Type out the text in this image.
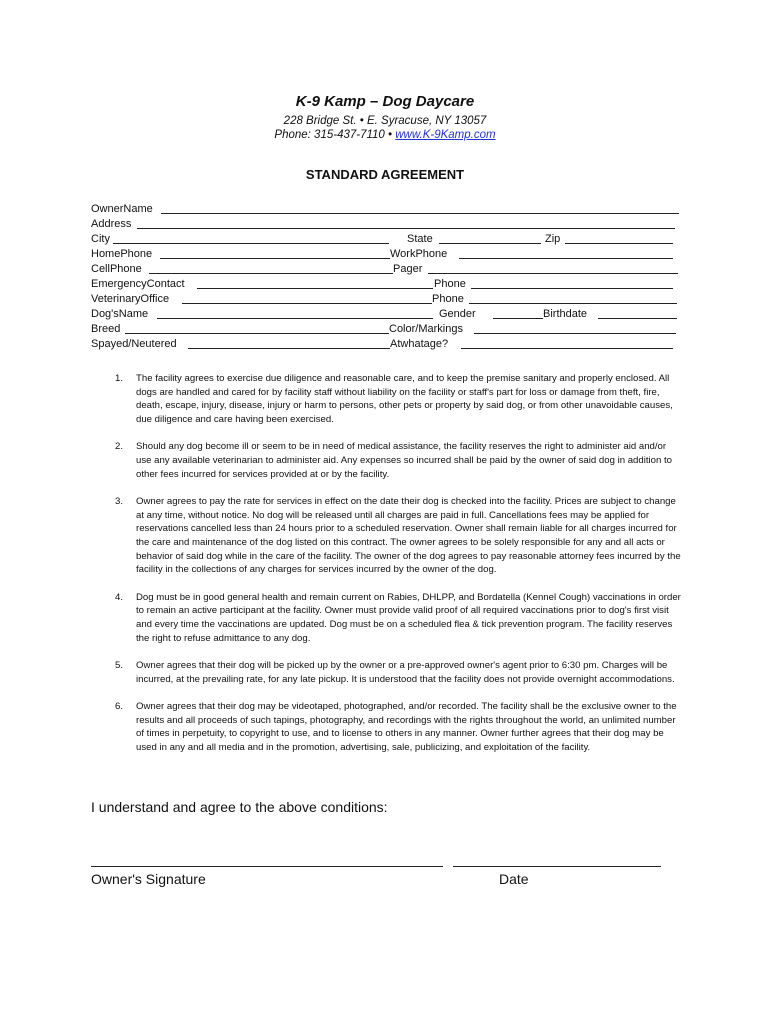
K-9 Kamp – Dog Daycare
228 Bridge St. • E. Syracuse, NY 13057
Phone: 315-437-7110 • www.K-9Kamp.com
STANDARD AGREEMENT
OwnerName
Address
City	State	Zip
HomePhone	WorkPhone
CellPhone	Pager
EmergencyContact	Phone
VeterinaryOffice	Phone
Dog'sName	Gender	Birthdate
Breed	Color/Markings
Spayed/Neutered	Atwhatage?
1. The facility agrees to exercise due diligence and reasonable care, and to keep the premise sanitary and properly enclosed. All dogs are handled and cared for by facility staff without liability on the facility or staff's part for loss or damage from theft, fire, death, escape, injury, disease, injury or harm to persons, other pets or property by said dog, or from other unavoidable causes, due diligence and care having been exercised.
2. Should any dog become ill or seem to be in need of medical assistance, the facility reserves the right to administer aid and/or use any available veterinarian to administer aid. Any expenses so incurred shall be paid by the owner of said dog in addition to other fees incurred for services provided at or by the facility.
3. Owner agrees to pay the rate for services in effect on the date their dog is checked into the facility. Prices are subject to change at any time, without notice. No dog will be released until all charges are paid in full. Cancellations fees may be applied for reservations cancelled less than 24 hours prior to a scheduled reservation. Owner shall remain liable for all charges incurred for the care and maintenance of the dog listed on this contract. The owner agrees to be solely responsible for any and all acts or behavior of said dog while in the care of the facility. The owner of the dog agrees to pay reasonable attorney fees incurred by the facility in the collections of any charges for services incurred by the owner of the dog.
4. Dog must be in good general health and remain current on Rabies, DHLPP, and Bordatella (Kennel Cough) vaccinations in order to remain an active participant at the facility. Owner must provide valid proof of all required vaccinations prior to dog's first visit and every time the vaccinations are updated. Dog must be on a scheduled flea & tick prevention program. The facility reserves the right to refuse admittance to any dog.
5. Owner agrees that their dog will be picked up by the owner or a pre-approved owner's agent prior to 6:30 pm. Charges will be incurred, at the prevailing rate, for any late pickup. It is understood that the facility does not provide overnight accommodations.
6. Owner agrees that their dog may be videotaped, photographed, and/or recorded. The facility shall be the exclusive owner to the results and all proceeds of such tapings, photography, and recordings with the rights throughout the world, an unlimited number of times in perpetuity, to copyright to use, and to license to others in any manner. Owner further agrees that their dog may be used in any and all media and in the promotion, advertising, sale, publicizing, and exploitation of the facility.
I understand and agree to the above conditions:
Owner's Signature	Date
